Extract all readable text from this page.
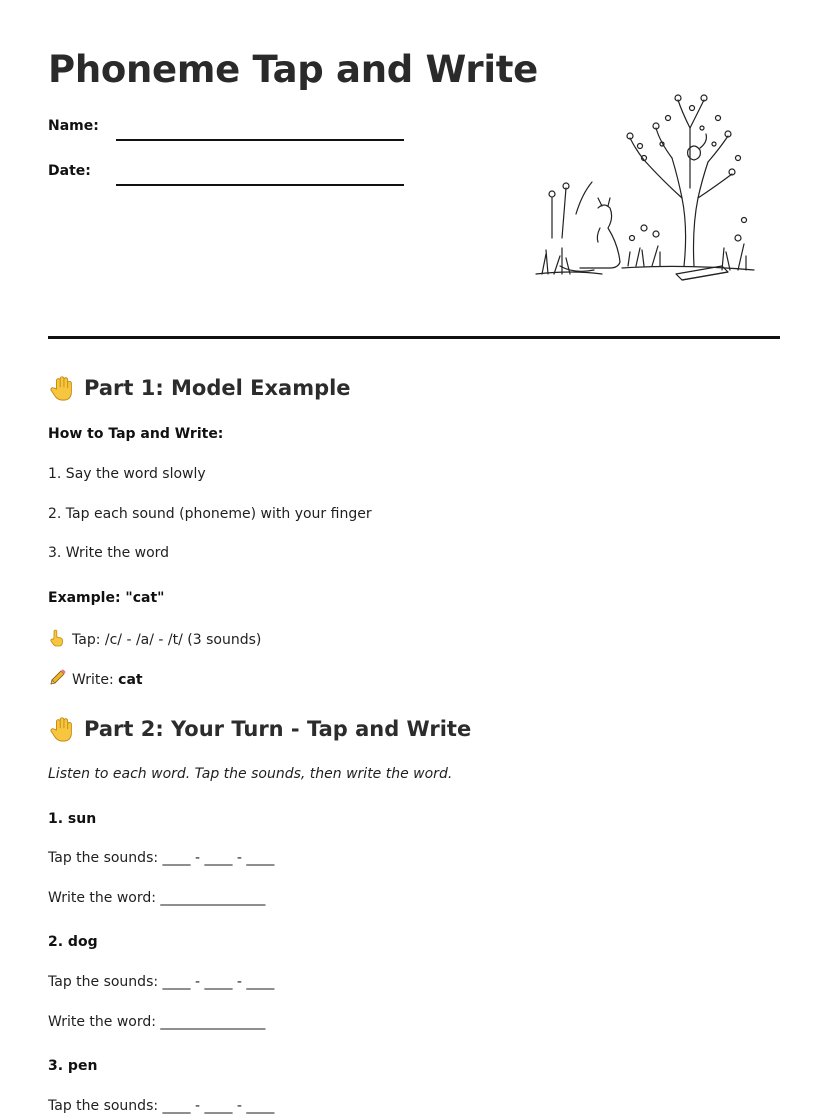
Phoneme Tap and Write
Name:
Date:
Part 1: Model Example
How to Tap and Write:
1. Say the word slowly
2. Tap each sound (phoneme) with your finger
3. Write the word
Example: "cat"
Tap: /c/ - /a/ - /t/ (3 sounds)
Write: cat
Part 2: Your Turn - Tap and Write
Listen to each word. Tap the sounds, then write the word.
1. sun
Tap the sounds: ____ - ____ - ____
Write the word: _______________
2. dog
Tap the sounds: ____ - ____ - ____
Write the word: _______________
3. pen
Tap the sounds: ____ - ____ - ____
